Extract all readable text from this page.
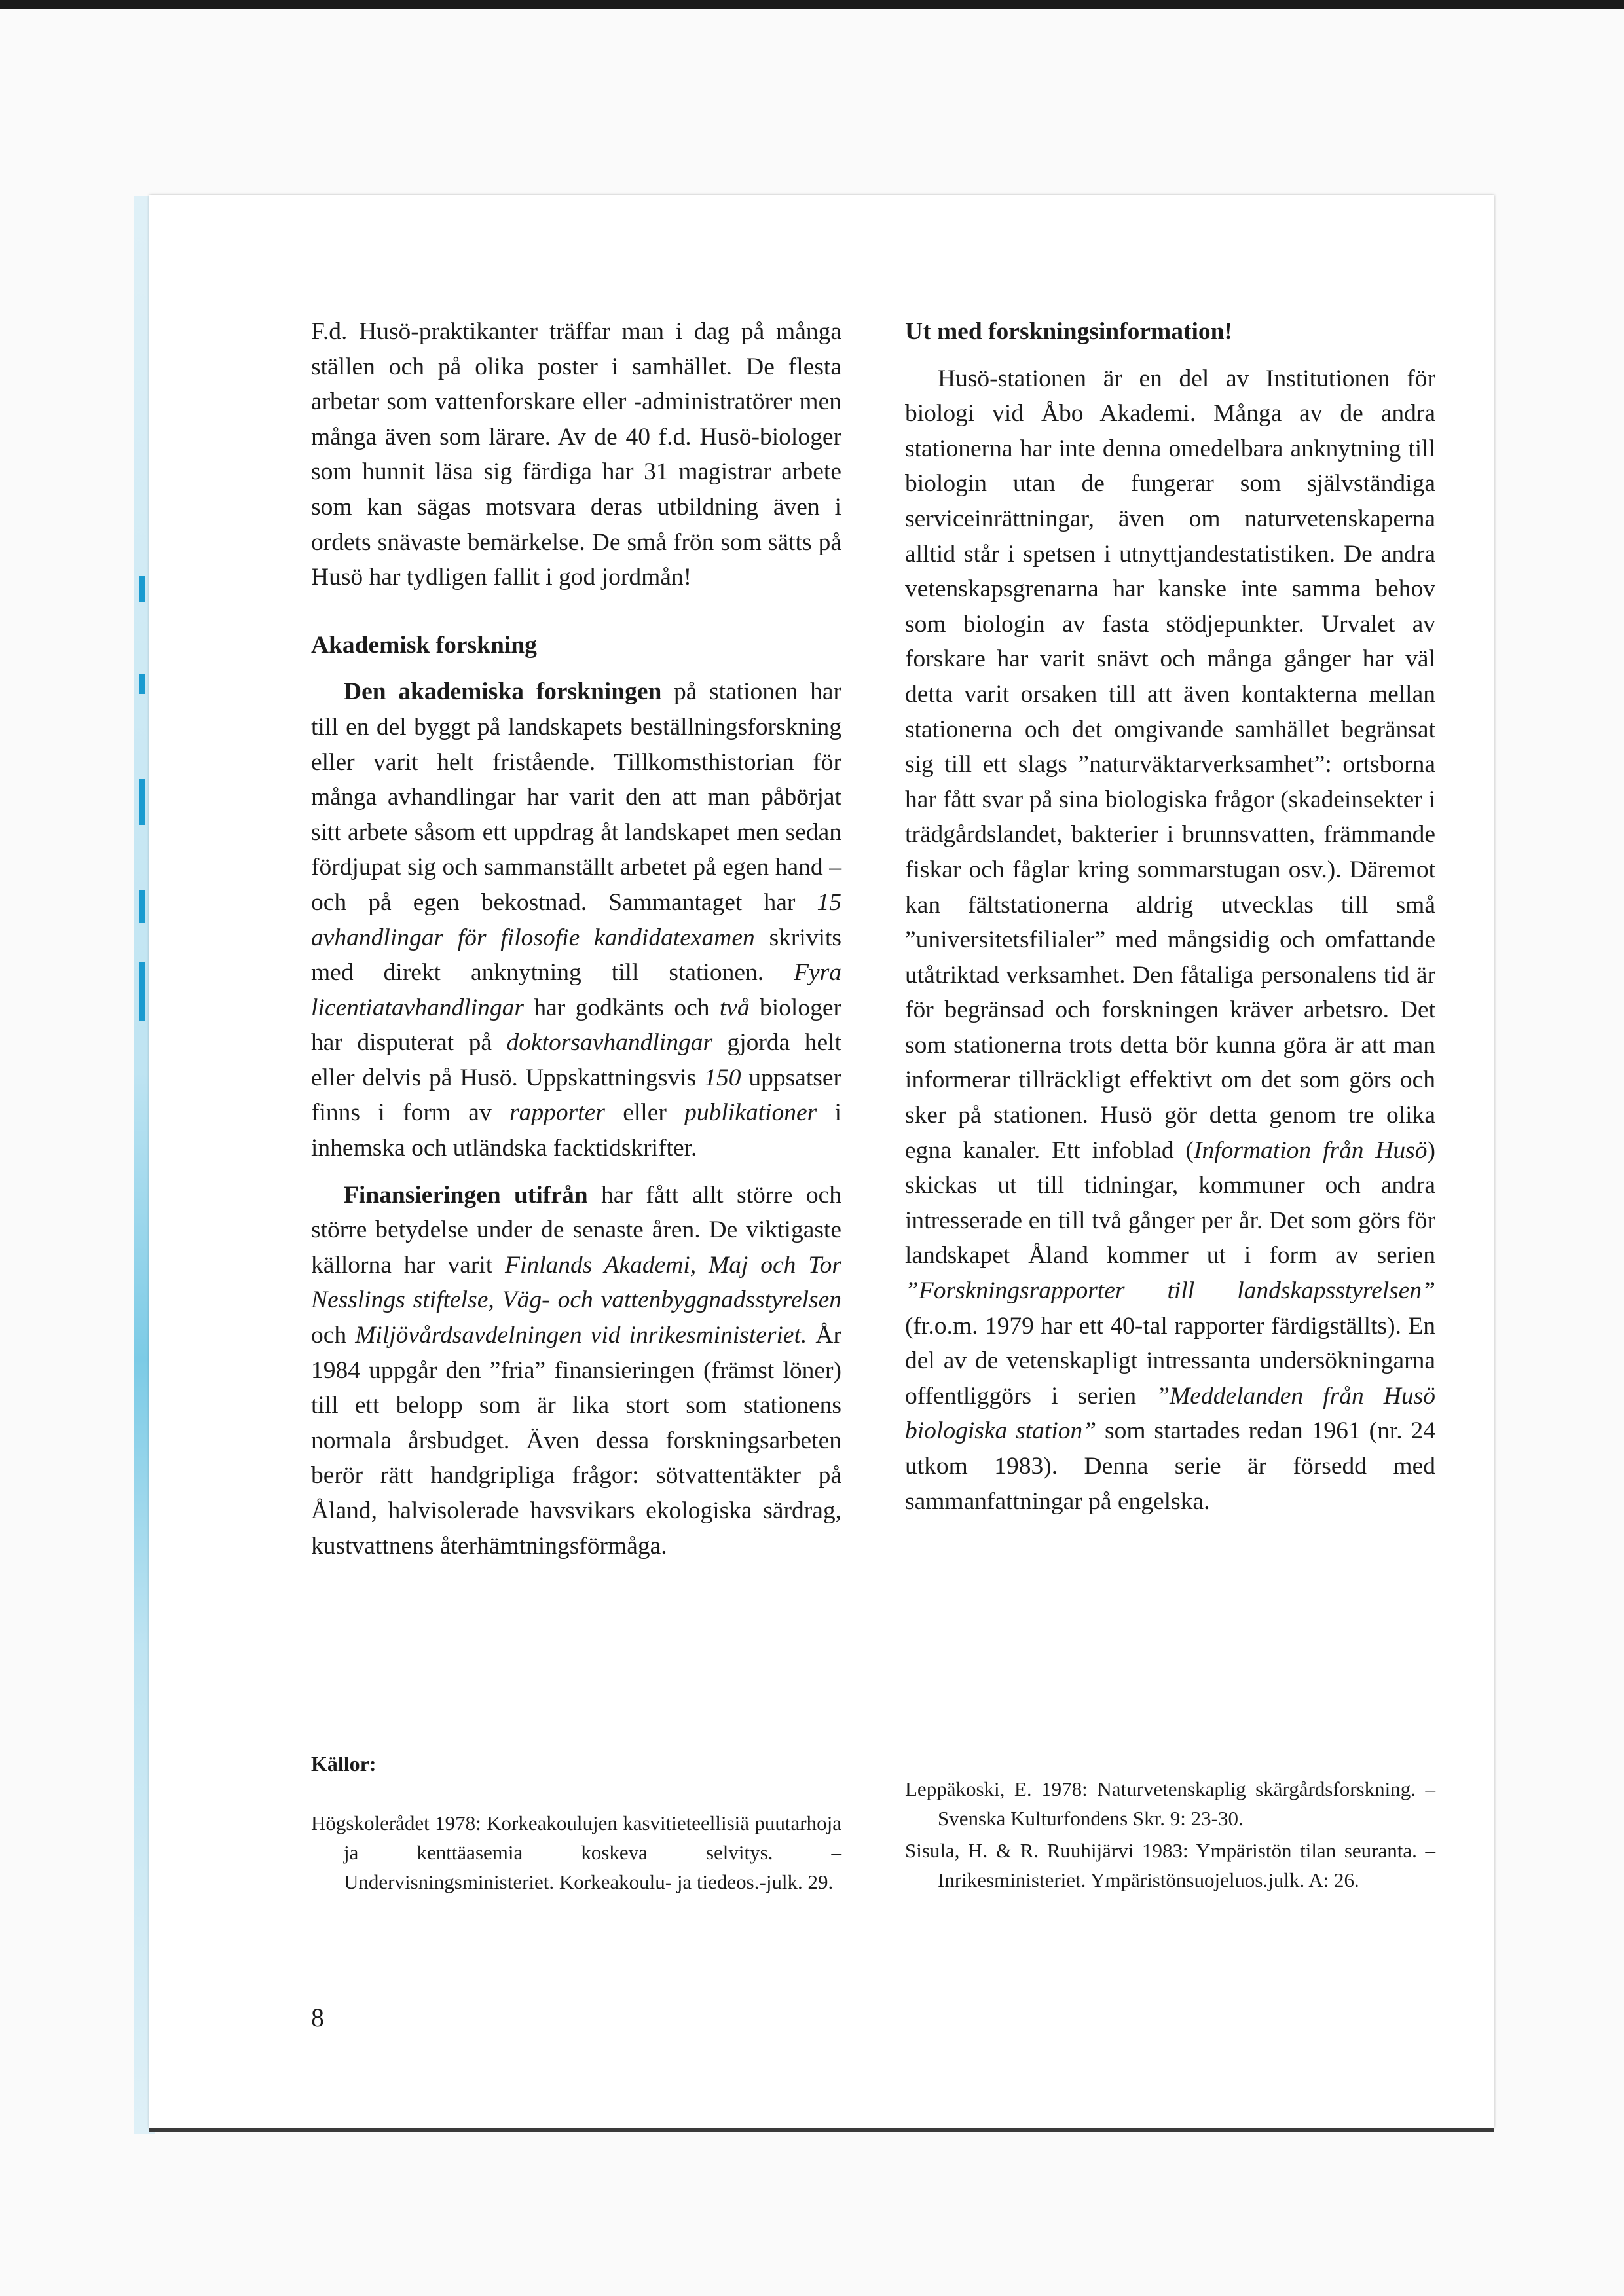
F.d. Husö-praktikanter träffar man i dag på många ställen och på olika poster i samhället. De flesta arbetar som vattenforskare eller -administratörer men många även som lärare. Av de 40 f.d. Husö-biologer som hunnit läsa sig färdiga har 31 magistrar arbete som kan sägas motsvara deras utbildning även i ordets snävaste bemärkelse. De små frön som sätts på Husö har tydligen fallit i god jordmån!

Akademisk forskning

Den akademiska forskningen på stationen har till en del byggt på landskapets beställningsforskning eller varit helt fristående. Tillkomsthistorian för många avhandlingar har varit den att man påbörjat sitt arbete såsom ett uppdrag åt landskapet men sedan fördjupat sig och sammanställt arbetet på egen hand – och på egen bekostnad. Sammantaget har 15 avhandlingar för filosofie kandidatexamen skrivits med direkt anknytning till stationen. Fyra licentiatavhandlingar har godkänts och två biologer har disputerat på doktorsavhandlingar gjorda helt eller delvis på Husö. Uppskattningsvis 150 uppsatser finns i form av rapporter eller publikationer i inhemska och utländska facktidskrifter.

Finansieringen utifrån har fått allt större och större betydelse under de senaste åren. De viktigaste källorna har varit Finlands Akademi, Maj och Tor Nesslings stiftelse, Väg- och vattenbyggnadsstyrelsen och Miljövårdsavdelningen vid inrikesministeriet. År 1984 uppgår den ”fria” finansieringen (främst löner) till ett belopp som är lika stort som stationens normala årsbudget. Även dessa forskningsarbeten berör rätt handgripliga frågor: sötvattentäkter på Åland, halvisolerade havsvikars ekologiska särdrag, kustvattnens återhämtningsförmåga.

Ut med forskningsinformation!

Husö-stationen är en del av Institutionen för biologi vid Åbo Akademi. Många av de andra stationerna har inte denna omedelbara anknytning till biologin utan de fungerar som självständiga serviceinrättningar, även om naturvetenskaperna alltid står i spetsen i utnyttjandestatistiken. De andra vetenskapsgrenarna har kanske inte samma behov som biologin av fasta stödjepunkter. Urvalet av forskare har varit snävt och många gånger har väl detta varit orsaken till att även kontakterna mellan stationerna och det omgivande samhället begränsat sig till ett slags ”naturväktarverksamhet”: ortsborna har fått svar på sina biologiska frågor (skadeinsekter i trädgårdslandet, bakterier i brunnsvatten, främmande fiskar och fåglar kring sommarstugan osv.). Däremot kan fältstationerna aldrig utvecklas till små ”universitetsfilialer” med mångsidig och omfattande utåtriktad verksamhet. Den fåtaliga personalens tid är för begränsad och forskningen kräver arbetsro. Det som stationerna trots detta bör kunna göra är att man informerar tillräckligt effektivt om det som görs och sker på stationen. Husö gör detta genom tre olika egna kanaler. Ett infoblad (Information från Husö) skickas ut till tidningar, kommuner och andra intresserade en till två gånger per år. Det som görs för landskapet Åland kommer ut i form av serien ”Forskningsrapporter till landskapsstyrelsen” (fr.o.m. 1979 har ett 40-tal rapporter färdigställts). En del av de vetenskapligt intressanta undersökningarna offentliggörs i serien ”Meddelanden från Husö biologiska station” som startades redan 1961 (nr. 24 utkom 1983). Denna serie är försedd med sammanfattningar på engelska.

Källor:

Högskolerådet 1978: Korkeakoulujen kasvitieteellisiä puutarhoja ja kenttäasemia koskeva selvitys. – Undervisningsministeriet. Korkeakoulu- ja tiedeos.-julk. 29.

Leppäkoski, E. 1978: Naturvetenskaplig skärgårdsforskning. – Svenska Kulturfondens Skr. 9: 23-30.

Sisula, H. & R. Ruuhijärvi 1983: Ympäristön tilan seuranta. – Inrikesministeriet. Ympäristönsuojeluos.julk. A: 26.

8
